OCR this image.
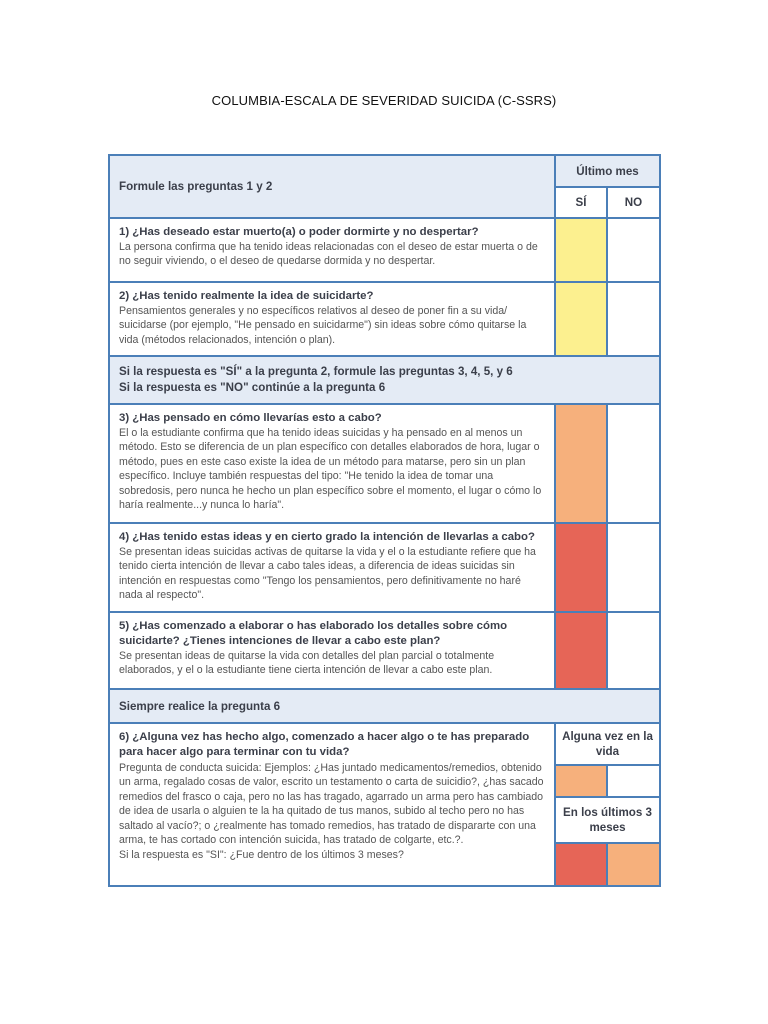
COLUMBIA-ESCALA DE SEVERIDAD SUICIDA (C-SSRS)
Formule las preguntas 1 y 2
Último mes
SÍ	NO
1) ¿Has deseado estar muerto(a) o poder dormirte y no despertar?
La persona confirma que ha tenido ideas relacionadas con el deseo de estar muerta o de no seguir viviendo, o el deseo de quedarse dormida y no despertar.
2) ¿Has tenido realmente la idea de suicidarte?
Pensamientos generales y no específicos relativos al deseo de poner fin a su vida/ suicidarse (por ejemplo, "He pensado en suicidarme") sin ideas sobre cómo quitarse la vida (métodos relacionados, intención o plan).
Si la respuesta es "SÍ" a la pregunta 2, formule las preguntas 3, 4, 5, y 6
Si la respuesta es "NO" continúe a la pregunta 6
3) ¿Has pensado en cómo llevarías esto a cabo?
El o la estudiante confirma que ha tenido ideas suicidas y ha pensado en al menos un método. Esto se diferencia de un plan específico con detalles elaborados de hora, lugar o método, pues en este caso existe la idea de un método para matarse, pero sin un plan específico. Incluye también respuestas del tipo: "He tenido la idea de tomar una sobredosis, pero nunca he hecho un plan específico sobre el momento, el lugar o cómo lo haría realmente...y nunca lo haría".
4) ¿Has tenido estas ideas y en cierto grado la intención de llevarlas a cabo?
Se presentan ideas suicidas activas de quitarse la vida y el o la estudiante refiere que ha tenido cierta intención de llevar a cabo tales ideas, a diferencia de ideas suicidas sin intención en respuestas como "Tengo los pensamientos, pero definitivamente no haré nada al respecto".
5) ¿Has comenzado a elaborar o has elaborado los detalles sobre cómo suicidarte? ¿Tienes intenciones de llevar a cabo este plan?
Se presentan ideas de quitarse la vida con detalles del plan parcial o totalmente elaborados, y el o la estudiante tiene cierta intención de llevar a cabo este plan.
Siempre realice la pregunta 6
6) ¿Alguna vez has hecho algo, comenzado a hacer algo o te has preparado para hacer algo para terminar con tu vida?
Pregunta de conducta suicida: Ejemplos: ¿Has juntado medicamentos/remedios, obtenido un arma, regalado cosas de valor, escrito un testamento o carta de suicidio?, ¿has sacado remedios del frasco o caja, pero no las has tragado, agarrado un arma pero has cambiado de idea de usarla o alguien te la ha quitado de tus manos, subido al techo pero no has saltado al vacío?; o ¿realmente has tomado remedios, has tratado de dispararte con una arma, te has cortado con intención suicida, has tratado de colgarte, etc.?.
Si la respuesta es "SI": ¿Fue dentro de los últimos 3 meses?
Alguna vez en la vida
En los últimos 3 meses
